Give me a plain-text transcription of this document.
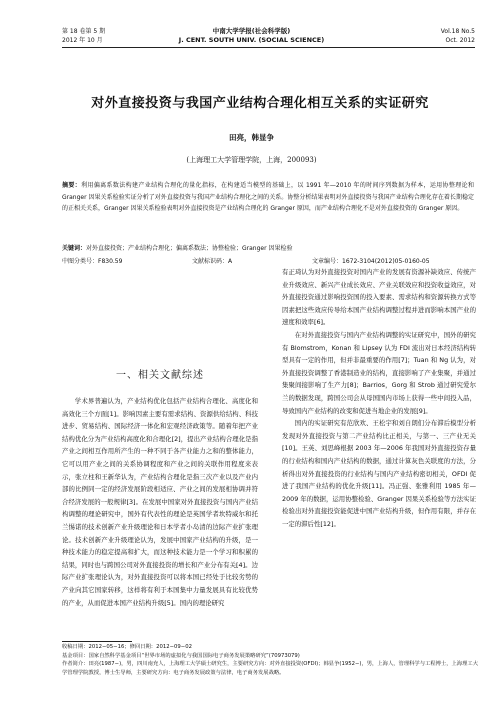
第 18 卷第 5 期
2012 年 10 月
中南大学学报(社会科学版)
J. CENT. SOUTH UNIV. (SOCIAL SCIENCE)
Vol.18 No.5
Oct. 2012
对外直接投资与我国产业结构合理化相互关系的实证研究
田亮，韩显争
(上海理工大学管理学院，上海，200093)
摘要：利用偏离系数法构建产业结构合理化的量化指标，在构建适当模型的基础上，以 1991 年—2010 年的时间序列数据为样本，运用协整理论和 Granger 因果关系检验实证分析了对外直接投资与我国产业结构合理化之间的关系。协整分析结果表明对外直接投资与我国产业结构合理化存在着长期稳定的正相关关系，Granger 因果关系检验表明对外直接投资是产业结构合理化的 Granger 原因，而产业结构合理化不是对外直接投资的 Granger 原因。
关键词：对外直接投资；产业结构合理化；偏离系数法；协整检验；Granger 因果检验
中图分类号：F830.59	文献标识码：A	文章编号：1672-3104(2012)05-0160-05
一、相关文献综述

学术界普遍认为，产业结构优化包括产业结构合理化、高度化和高效化三个方面[1]。影响因素主要有需求结构、资源供给结构、科技进步、贸易结构、国际经济一体化和宏观经济政策等。随着年把产业结构优化分为产业结构高度化和合理化[2]，提出产业结构合理化是指产业之间相互作用所产生的一种不同于各产业能力之和的整体能力，它可以用产业之间的关系协调程度和产业之间的关联作用程度来表示，张立柱和王新华认为，产业结构合理化是指三次产业以及产业内部的比例同一定的经济发展阶段相适应、产业之间的发展相协调并符合经济发展的一般规律[3]。在发展中国家对外直接投资与国内产业结构调整的理论研究中，国外有代表性的理论是英国学者坎特威尔和托兰惕诺的技术创新产业升级理论和日本学者小岛清的边际产业扩张理论。技术创新产业升级理论认为，发展中国家产业结构的升级，是一种技术能力的稳定提高和扩大，而这种技术能力是一个学习和积累的结果，同时也与跨国公司对外直接投资的增长和产业分布有关[4]。边际产业扩张理论认为，对外直接投资可以将本国已经处于比较劣势的产业向其它国家转移，这样将有利于本国集中力量发展具有比较优势的产业，从而促进本国产业结构升级[5]。国内的理论研究

有正琦认为对外直接投资对国内产业的发展有资源补缺效应、传统产业升级效应、新兴产业成长效应、产业关联效应和投资收益效应，对外直接投资通过影响投资国的投入要素、需求结构和资源转换方式等因素把这些效应传导给本国产业结构调整过程并进而影响本国产业的速度和效率[6]。

在对外直接投资与国内产业结构调整的实证研究中，国外的研究有 Blomstrom，Konan 和 Lipsey 认为 FDI 流出对日本经济结构转型具有一定的作用，但并非最重要的作用[7]；Tuan 和 Ng 认为，对外直接投资调整了香港制造业的结构，直接影响了产业集聚，并通过集聚间接影响了生产力[8]；Barrios，Gorg 和 Strob 通过研究爱尔兰的数据发现，跨国公司会从母国国内市场上获得一些中间投入品，导致国内产业结构的改变和促进当地企业的发展[9]。

国内的实证研究有范欣欢、王松宇和刘自朗们分布滞后模型分析发现对外直接投资与第二产业结构比正相关，与第一、三产业无关[10]。王英、刘思峰根据 2003 年—2006 年我国对外直接投资存量的行业结构和国内产业结构的数据，通过计算灰色关联度的方法，分析得出对外直接投资的行业结构与国内产业结构密切相关，OFDI 促进了我国产业结构的优化升级[11]。冯正强、张雅利用 1985 年—2009 年的数据，运用协整检验、Granger 因果关系检验等方法实证检验出对外直接投资能促进中国产业结构升级，但作用有限，并存在一定的滞后性[12]。

收稿日期：2012−05−16；修回日期：2012−09−02
基金项目：国家自然科学基金项目“世界市场的虚拟化与我国国际电子商务发展策略研究”(70973079)
作者简介：田亮(1987−)，男，四川南充人，上海理工大学硕士研究生，主要研究方向：对外直接投资(OFDI)；韩显争(1952−)，男，上海人，管理科学与工程博士，上海理工大学管理学院教授，博士生导师，主要研究方向：电子商务发展政策与法律，电子商务发展战略。
